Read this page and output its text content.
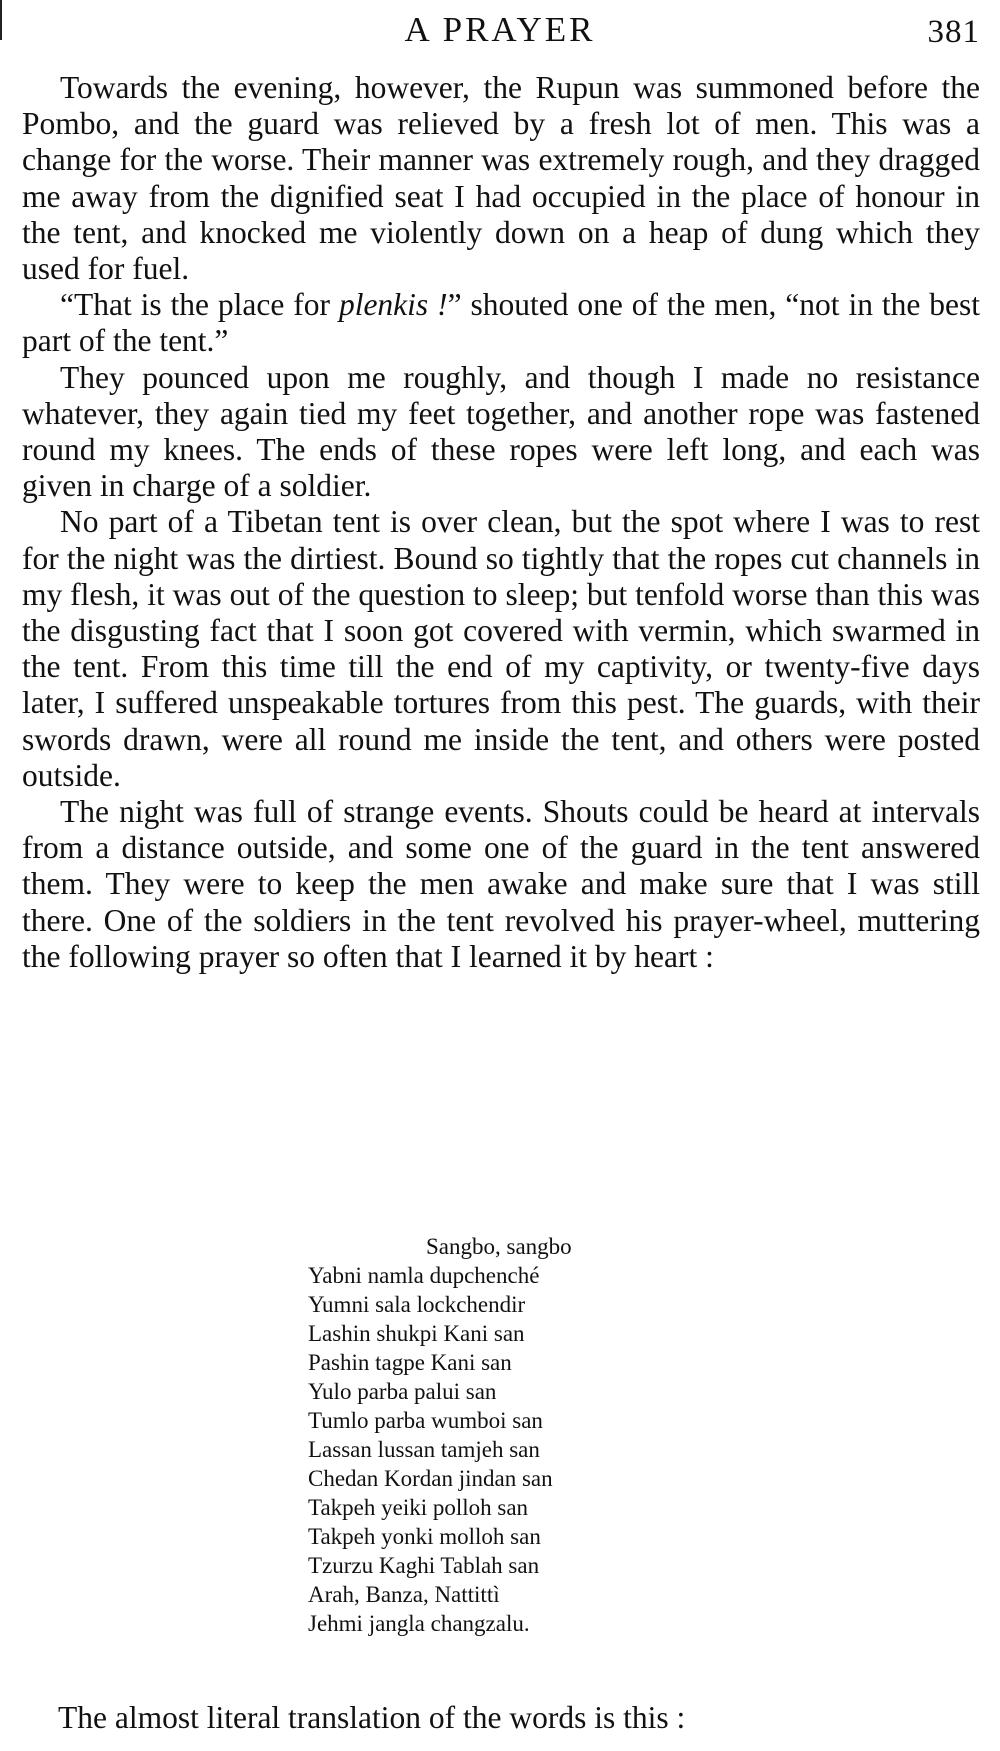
A PRAYER	381

Towards the evening, however, the Rupun was summoned before the Pombo, and the guard was relieved by a fresh lot of men. This was a change for the worse. Their manner was extremely rough, and they dragged me away from the dignified seat I had occupied in the place of honour in the tent, and knocked me violently down on a heap of dung which they used for fuel.

“That is the place for plenkis !” shouted one of the men, “not in the best part of the tent.”

They pounced upon me roughly, and though I made no resistance whatever, they again tied my feet together, and another rope was fastened round my knees. The ends of these ropes were left long, and each was given in charge of a soldier.

No part of a Tibetan tent is over clean, but the spot where I was to rest for the night was the dirtiest. Bound so tightly that the ropes cut channels in my flesh, it was out of the question to sleep; but tenfold worse than this was the disgusting fact that I soon got covered with vermin, which swarmed in the tent. From this time till the end of my captivity, or twenty-five days later, I suffered unspeakable tortures from this pest. The guards, with their swords drawn, were all round me inside the tent, and others were posted outside.

The night was full of strange events. Shouts could be heard at intervals from a distance outside, and some one of the guard in the tent answered them. They were to keep the men awake and make sure that I was still there. One of the soldiers in the tent revolved his prayer-wheel, muttering the following prayer so often that I learned it by heart :

Sangbo, sangbo
Yabni namla dupchenché
Yumni sala lockchendir
Lashin shukpi Kani san
Pashin tagpe Kani san
Yulo parba palui san
Tumlo parba wumboi san
Lassan lussan tamjeh san
Chedan Kordan jindan san
Takpeh yeiki polloh san
Takpeh yonki molloh san
Tzurzu Kaghi Tablah san
Arah, Banza, Nattittì
Jehmi jangla changzalu.
The almost literal translation of the words is this :
